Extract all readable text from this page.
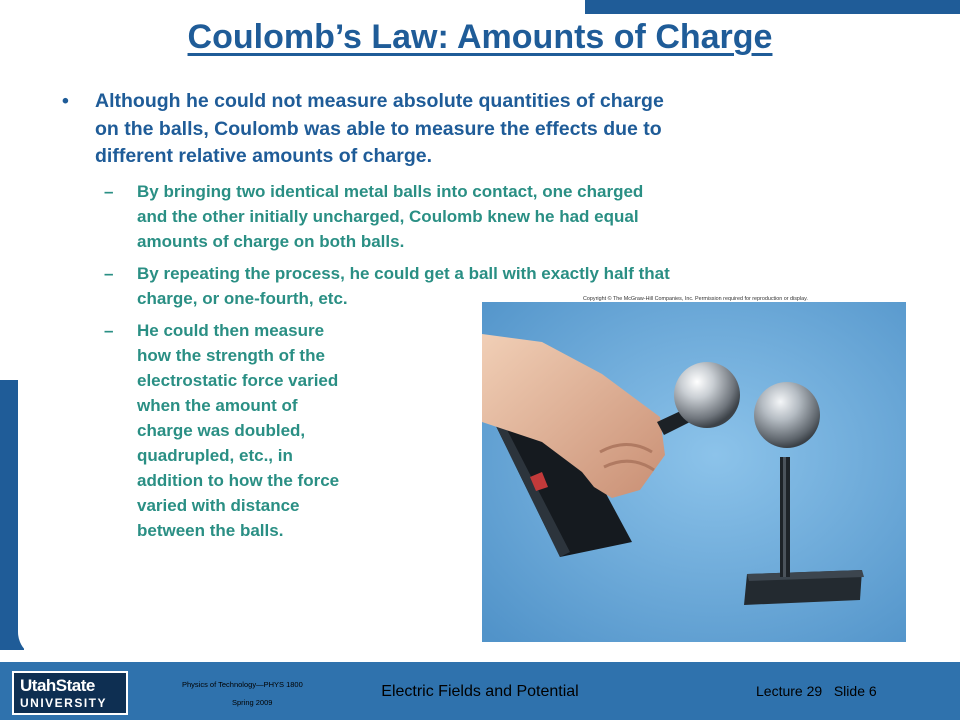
Coulomb’s Law: Amounts of Charge
• Although he could not measure absolute quantities of charge
on the balls, Coulomb was able to measure the effects due to
different relative amounts of charge.
– By bringing two identical metal balls into contact, one charged
and the other initially uncharged, Coulomb knew he had equal
amounts of charge on both balls.
– By repeating the process, he could get a ball with exactly half that
charge, or one-fourth, etc.
– He could then measure
how the strength of the
electrostatic force varied
when the amount of
charge was doubled,
quadrupled, etc., in
addition to how the force
varied with distance
between the balls.
Copyright © The McGraw-Hill Companies, Inc. Permission required for reproduction or display.
UtahState
UNIVERSITY
Physics of Technology—PHYS 1800
Spring 2009
Electric Fields and Potential	Lecture 29 Slide 6
